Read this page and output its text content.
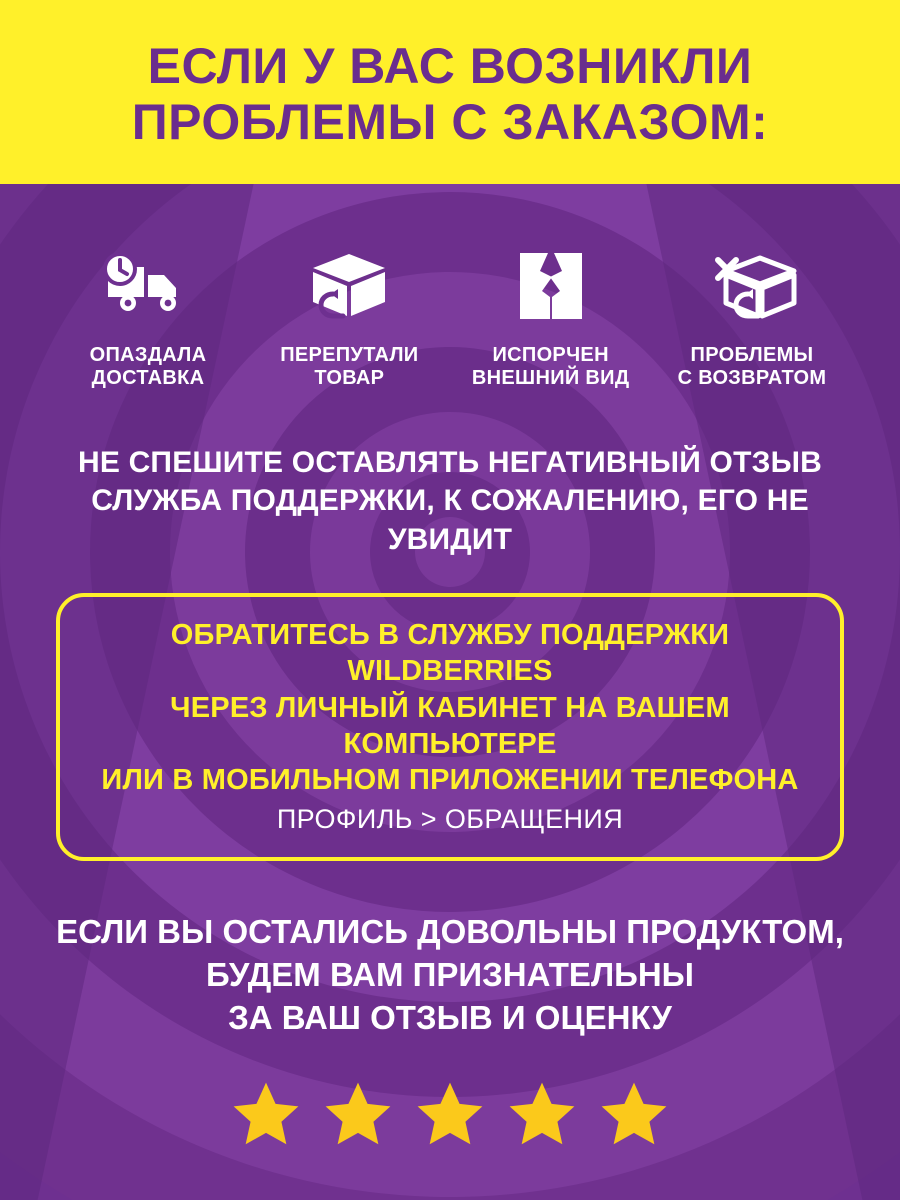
ЕСЛИ У ВАС ВОЗНИКЛИ
ПРОБЛЕМЫ С ЗАКАЗОМ:
ОПАЗДАЛА
ДОСТАВКА
ПЕРЕПУТАЛИ
ТОВАР
ИСПОРЧЕН
ВНЕШНИЙ ВИД
ПРОБЛЕМЫ
С ВОЗВРАТОМ
НЕ СПЕШИТЕ ОСТАВЛЯТЬ НЕГАТИВНЫЙ ОТЗЫВ
СЛУЖБА ПОДДЕРЖКИ, К СОЖАЛЕНИЮ, ЕГО НЕ УВИДИТ
ОБРАТИТЕСЬ В СЛУЖБУ ПОДДЕРЖКИ WILDBERRIES
ЧЕРЕЗ ЛИЧНЫЙ КАБИНЕТ НА ВАШЕМ КОМПЬЮТЕРЕ
ИЛИ В МОБИЛЬНОМ ПРИЛОЖЕНИИ ТЕЛЕФОНА
ПРОФИЛЬ > ОБРАЩЕНИЯ
ЕСЛИ ВЫ ОСТАЛИСЬ ДОВОЛЬНЫ ПРОДУКТОМ,
БУДЕМ ВАМ ПРИЗНАТЕЛЬНЫ
ЗА ВАШ ОТЗЫВ И ОЦЕНКУ
